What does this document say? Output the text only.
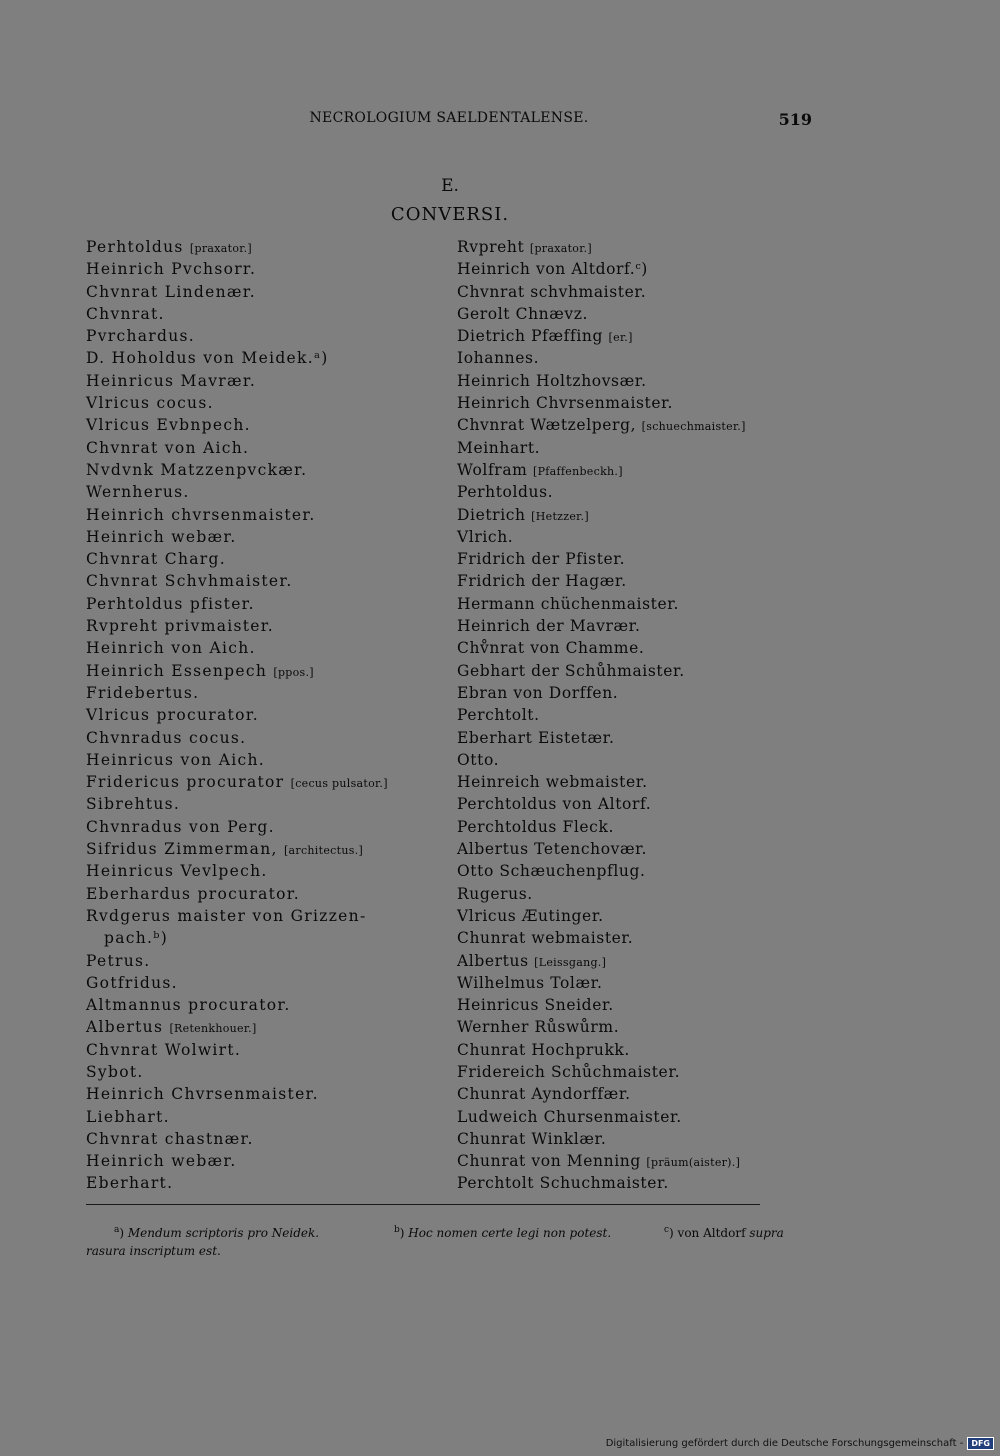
NECROLOGIUM SAELDENTALENSE.	519
E.
CONVERSI.
Perhtoldus [praxator.]
Heinrich Pvchsorr.
Chvnrat Lindenær.
Chvnrat.
Pvrchardus.
D. Hoholdus von Meidek.ᵃ)
Heinricus Mavrær.
Vlricus cocus.
Vlricus Evbnpech.
Chvnrat von Aich.
Nvdvnk Matzzenpvckær.
Wernherus.
Heinrich chvrsenmaister.
Heinrich webær.
Chvnrat Charg.
Chvnrat Schvhmaister.
Perhtoldus pfister.
Rvpreht privmaister.
Heinrich von Aich.
Heinrich Essenpech [ppos.]
Fridebertus.
Vlricus procurator.
Chvnradus cocus.
Heinricus von Aich.
Fridericus procurator [cecus pulsator.]
Sibrehtus.
Chvnradus von Perg.
Sifridus Zimmerman, [architectus.]
Heinricus Vevlpech.
Eberhardus procurator.
Rvdgerus maister von Grizzen-
pach.ᵇ)
Petrus.
Gotfridus.
Altmannus procurator.
Albertus [Retenkhouer.]
Chvnrat Wolwirt.
Sybot.
Heinrich Chvrsenmaister.
Liebhart.
Chvnrat chastnær.
Heinrich webær.
Eberhart.
Rvpreht [praxator.]
Heinrich von Altdorf.ᶜ)
Chvnrat schvhmaister.
Gerolt Chnævz.
Dietrich Pfæffing [er.]
Iohannes.
Heinrich Holtzhovsær.
Heinrich Chvrsenmaister.
Chvnrat Wætzelperg, [schuechmaister.]
Meinhart.
Wolfram [Pfaffenbeckh.]
Perhtoldus.
Dietrich [Hetzzer.]
Vlrich.
Fridrich der Pfister.
Fridrich der Hagær.
Hermann chüchenmaister.
Heinrich der Mavrær.
Chv̊nrat von Chamme.
Gebhart der Schůhmaister.
Ebran von Dorffen.
Perchtolt.
Eberhart Eistetær.
Otto.
Heinreich webmaister.
Perchtoldus von Altorf.
Perchtoldus Fleck.
Albertus Tetenchovær.
Otto Schæuchenpflug.
Rugerus.
Vlricus Æutinger.
Chunrat webmaister.
Albertus [Leissgang.]
Wilhelmus Tolær.
Heinricus Sneider.
Wernher Růswůrm.
Chunrat Hochprukk.
Fridereich Schůchmaister.
Chunrat Ayndorffær.
Ludweich Chursenmaister.
Chunrat Winklær.
Chunrat von Menning [präum(aister).]
Perchtolt Schuchmaister.
$^a$) Mendum scriptoris pro Neidek.	$^b$) Hoc nomen certe legi non potest.	$^c$) von Altdorf supra
rasura inscriptum est.
Digitalisierung gefördert durch die Deutsche Forschungsgemeinschaft -	DFG
